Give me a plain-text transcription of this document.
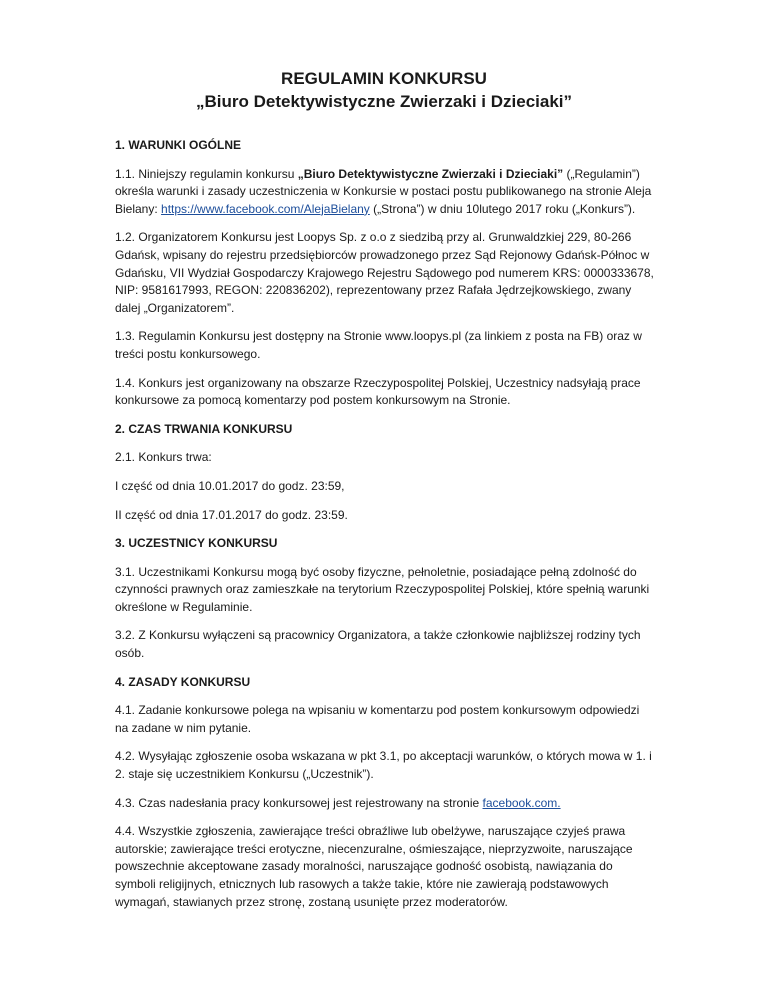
REGULAMIN KONKURSU
„Biuro Detektywistyczne Zwierzaki i Dzieciaki”
1. WARUNKI OGÓLNE

1.1. Niniejszy regulamin konkursu „Biuro Detektywistyczne Zwierzaki i Dzieciaki” („Regulamin”) określa warunki i zasady uczestniczenia w Konkursie w postaci postu publikowanego na stronie Aleja Bielany: https://www.facebook.com/AlejaBielany („Strona”) w dniu 10lutego 2017 roku („Konkurs”).

1.2. Organizatorem Konkursu jest Loopys Sp. z o.o z siedzibą przy al. Grunwaldzkiej 229, 80-266 Gdańsk, wpisany do rejestru przedsiębiorców prowadzonego przez Sąd Rejonowy Gdańsk-Północ w Gdańsku, VII Wydział Gospodarczy Krajowego Rejestru Sądowego pod numerem KRS: 0000333678, NIP: 9581617993, REGON: 220836202), reprezentowany przez Rafała Jędrzejkowskiego, zwany dalej „Organizatorem”.

1.3. Regulamin Konkursu jest dostępny na Stronie www.loopys.pl (za linkiem z posta na FB) oraz w treści postu konkursowego.

1.4. Konkurs jest organizowany na obszarze Rzeczypospolitej Polskiej, Uczestnicy nadsyłają prace konkursowe za pomocą komentarzy pod postem konkursowym na Stronie.

2. CZAS TRWANIA KONKURSU

2.1. Konkurs trwa:

I część od dnia 10.01.2017 do godz. 23:59,

II część od dnia 17.01.2017 do godz. 23:59.

3. UCZESTNICY KONKURSU

3.1. Uczestnikami Konkursu mogą być osoby fizyczne, pełnoletnie, posiadające pełną zdolność do czynności prawnych oraz zamieszkałe na terytorium Rzeczypospolitej Polskiej, które spełnią warunki określone w Regulaminie.

3.2. Z Konkursu wyłączeni są pracownicy Organizatora, a także członkowie najbliższej rodziny tych osób.

4. ZASADY KONKURSU

4.1. Zadanie konkursowe polega na wpisaniu w komentarzu pod postem konkursowym odpowiedzi na zadane w nim pytanie.

4.2. Wysyłając zgłoszenie osoba wskazana w pkt 3.1, po akceptacji warunków, o których mowa w 1. i 2. staje się uczestnikiem Konkursu („Uczestnik”).

4.3. Czas nadesłania pracy konkursowej jest rejestrowany na stronie facebook.com.

4.4. Wszystkie zgłoszenia, zawierające treści obraźliwe lub obelżywe, naruszające czyjeś prawa autorskie; zawierające treści erotyczne, niecenzuralne, ośmieszające, nieprzyzwoite, naruszające powszechnie akceptowane zasady moralności, naruszające godność osobistą, nawiązania do symboli religijnych, etnicznych lub rasowych a także takie, które nie zawierają podstawowych wymagań, stawianych przez stronę, zostaną usunięte przez moderatorów.
